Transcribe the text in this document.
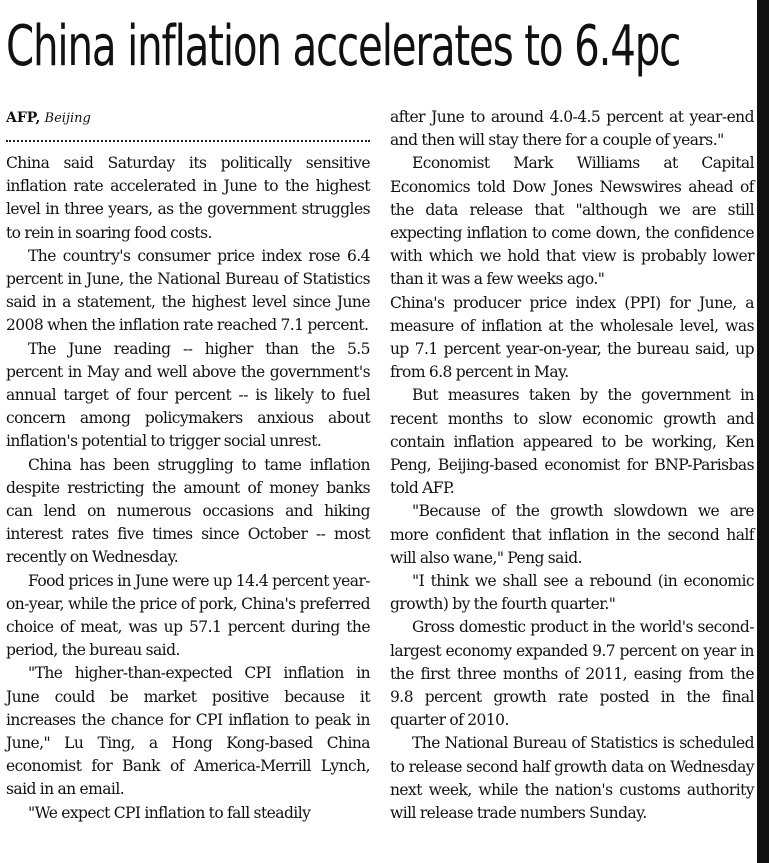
China inflation accelerates to 6.4pc

AFP, Beijing

China said Saturday its politically sensitive inflation rate accelerated in June to the highest level in three years, as the government struggles to rein in soaring food costs.

The country's consumer price index rose 6.4 percent in June, the National Bureau of Statistics said in a statement, the highest level since June 2008 when the inflation rate reached 7.1 percent.

The June reading -- higher than the 5.5 percent in May and well above the government's annual target of four percent -- is likely to fuel concern among policymakers anxious about inflation's potential to trigger social unrest.

China has been struggling to tame inflation despite restricting the amount of money banks can lend on numerous occasions and hiking interest rates five times since October -- most recently on Wednesday.

Food prices in June were up 14.4 percent year-on-year, while the price of pork, China's preferred choice of meat, was up 57.1 percent during the period, the bureau said.

"The higher-than-expected CPI inflation in June could be market positive because it increases the chance for CPI inflation to peak in June," Lu Ting, a Hong Kong-based China economist for Bank of America-Merrill Lynch, said in an email.

"We expect CPI inflation to fall steadily

after June to around 4.0-4.5 percent at year-end and then will stay there for a couple of years."

Economist Mark Williams at Capital Economics told Dow Jones Newswires ahead of the data release that "although we are still expecting inflation to come down, the confidence with which we hold that view is probably lower than it was a few weeks ago."

China's producer price index (PPI) for June, a measure of inflation at the wholesale level, was up 7.1 percent year-on-year, the bureau said, up from 6.8 percent in May.

But measures taken by the government in recent months to slow economic growth and contain inflation appeared to be working, Ken Peng, Beijing-based economist for BNP-Parisbas told AFP.

"Because of the growth slowdown we are more confident that inflation in the second half will also wane," Peng said.

"I think we shall see a rebound (in economic growth) by the fourth quarter."

Gross domestic product in the world's second-largest economy expanded 9.7 percent on year in the first three months of 2011, easing from the 9.8 percent growth rate posted in the final quarter of 2010.

The National Bureau of Statistics is scheduled to release second half growth data on Wednesday next week, while the nation's customs authority will release trade numbers Sunday.
